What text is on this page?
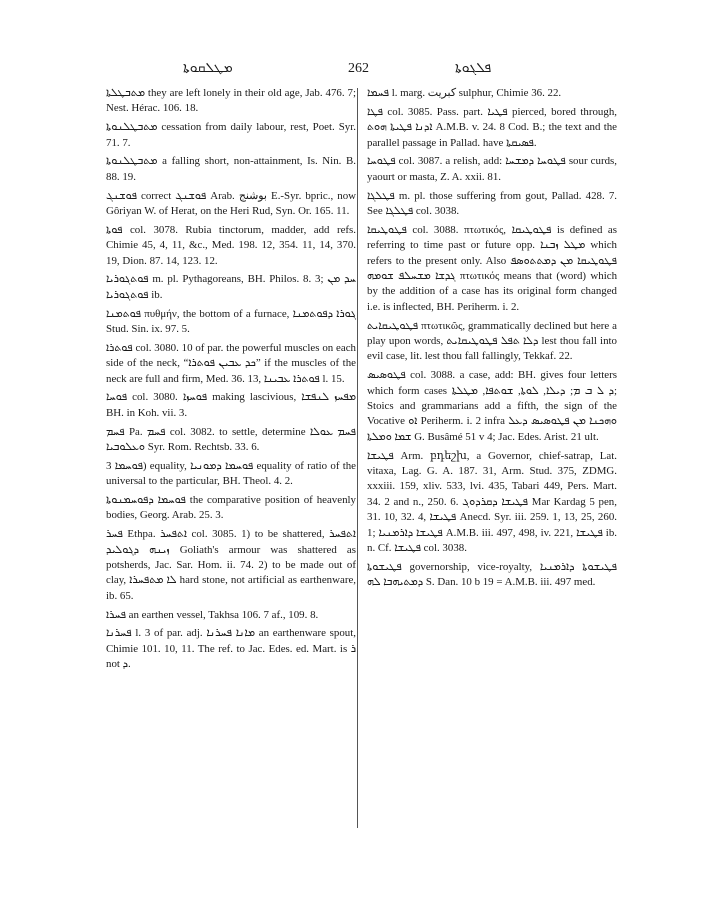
ܡܛܠܩܘܬܐ	262	ܦܠܓܘܬܐ

ܡܬܒܛܠܬܐ they are left lonely in their old age, Jab. 476. 7; Nest. Hérac. 106. 18.

ܡܬܒܛܠܢܘܬܐ cessation from daily labour, rest, Poet. Syr. 71. 7.

ܡܬܒܛܠܢܘܬܐ a falling short, non-attainment, Is. Nin. B. 88. 19.

ܦܘܫܢܓ correct ܦܘܫܢܓ Arab. بوشنج E.-Syr. bpric., now Gôriyan W. of Herat, on the Heri Rud, Syn. Or. 165. 11.

ܦܘܬܐ col. 3078. Rubia tinctorum, madder, add refs. Chimie 45, 4, 11, &c., Med. 198. 12, 354. 11, 14, 370. 19, Dion. 87. 14, 123. 12.

ܦܘܬܓܘܪܝܐ m. pl. Pythagoreans, BH. Philos. 8. 3; ܚܕ ܡܢ ܦܘܬܓܘܪܝܐ ib.

ܦܘܬܡܢܐ πυθμήν, the bottom of a furnace, ܓܘܪܐ ܕܦܘܬܡܢܐ Stud. Sin. ix. 97. 5.

ܦܘܬܪܐ col. 3080. 10 of par. the powerful muscles on each side of the neck, “ܟܕ ܥܒܝܢ ܦܘܬܪܐ” if the muscles of the neck are full and firm, Med. 36. 13, ܦܘܬܪܐ ܥܒܝܢܐ l. 15.

ܦܘܚܐ col. 3080. ܦܘܚܙܐ making lascivious, ܡܦܚܙ ܠܢܦܫܐ BH. in Koh. vii. 3.

ܦܚܡ Pa. ܦܚܡ col. 3082. to settle, determine ܦܚܡ ܥܘܠܐ ܘܥܠܘܒܝܐ Syr. Rom. Rechtsb. 33. 6.

ܦܘܚܡܐ 3) equality, ܦܘܚܡܐ ܕܡܘܢܝܐ equality of ratio of the universal to the particular, BH. Theol. 4. 2.

ܦܘܚܡܐ ܕܦܘܚܡܢܘܬܐ the comparative position of heavenly bodies, Georg. Arab. 25. 3.

ܦܚܪ Ethpa. ܐܬܦܚܪ col. 3085. 1) to be shattered, ܐܬܦܚܪ ܙܝܢܗ ܕܓܘܠܝܕ Goliath's armour was shattered as potsherds, Jac. Sar. Hom. ii. 74. 2) to be made out of clay, ܠܐ ܡܬܦܚܪܐ hard stone, not artificial as earthenware, ib. 65.

ܦܚܪܐ an earthen vessel, Takhsa 106. 7 af., 109. 8.

ܦܚܪܢܐ l. 3 of par. adj. ܡܐܢܐ ܦܚܪܢܐ an earthenware spout, Chimie 101. 10, 11. The ref. to Jac. Edes. ed. Mart. is ܪ not ܕ.

ܦܚܡܐ l. marg. كبريت sulphur, Chimie 36. 22.

ܦܛܐ col. 3085. Pass. part. ܦܛܝܐ pierced, bored through, ܐܕܢܐ ܦܛܝܬܐ ܗܘܬ A.M.B. v. 24. 8 Cod. B.; the text and the parallel passage in Pallad. have ܦܣܝܩܬܐ.

ܦܛܘܚܐ col. 3087. a relish, add: ܦܛܘܚܐ ܕܡܫܚܐ sour curds, yaourt or masta, Z. A. xxii. 81.

ܦܛܠܓܐ m. pl. those suffering from gout, Pallad. 428. 7. See ܦܛܠܓܐ col. 3038.

ܦܛܘܛܝܩܐ col. 3088. πτωτικός, ܦܛܘܛܝܩܐ is defined as referring to time past or future opp. ܡܛܠ ܙܒܢܐ which refers to the present only. Also ܦܛܘܛܝܩܐ ܡܢ ܕܡܬܬܘܣܦ ܓܕܫܐ ܡܫܚܠܦ ܫܘܡܗ πτωτικός means that (word) which by the addition of a case has its original form changed i.e. is inflected, BH. Periherm. i. 2.

ܦܛܘܛܝܩܐܝܬ πτωτικῶς, grammatically declined but here a play upon words, ܕܠܐ ܬܦܠ ܦܛܘܛܝܩܐܝܬ lest thou fall into evil case, lit. lest thou fall fallingly, Tekkaf. 22.

ܦܛܘܣܝܣ col. 3088. a case, add: BH. gives four letters which form cases ܕ ܠ ܒ ܡ; ܕܝܠܐ, ܠܘܬܐ, ܫܘܬܦܐ, ܡܛܠܬܐ; Stoics and grammarians add a fifth, the sign of the Vocative ܐܘ Periherm. i. 2 infra ܘܗܟܢܐ ܡܢ ܦܛܘܣܝܣ ܕܥܠ ܫܡܐ ܘܡܠܬܐ G. Busâmé 51 v 4; Jac. Edes. Arist. 21 ult.

ܦܛܝܫܐ Arm. բդեշխ, a Governor, chief-satrap, Lat. vitaxa, Lag. G. A. 187. 31, Arm. Stud. 375, ZDMG. xxxiii. 159, xliv. 533, lvi. 435, Tabari 449, Pers. Mart. 34. 2 and n., 250. 6. ܦܛܝܫܐ ܕܩܪܕܘܓ Mar Kardag 5 pen, 31. 10, 32. 4, ܦܛܝܫܐ Anecd. Syr. iii. 259. 1, 13, 25, 260. 1; ܦܛܝܫܐ ܕܐܪܡܢܝܐ A.M.B. iii. 497, 498, iv. 221, ܦܛܝܫܐ ib. n. Cf. ܦܛܝܫܐ col. 3038.

ܦܛܝܫܘܬܐ governorship, vice-royalty, ܦܛܝܫܘܬܐ ܕܐܪܡܢܝܐ ܕܡܬܝܗܒܐ ܠܗ S. Dan. 10 b 19 = A.M.B. iii. 497 med.
